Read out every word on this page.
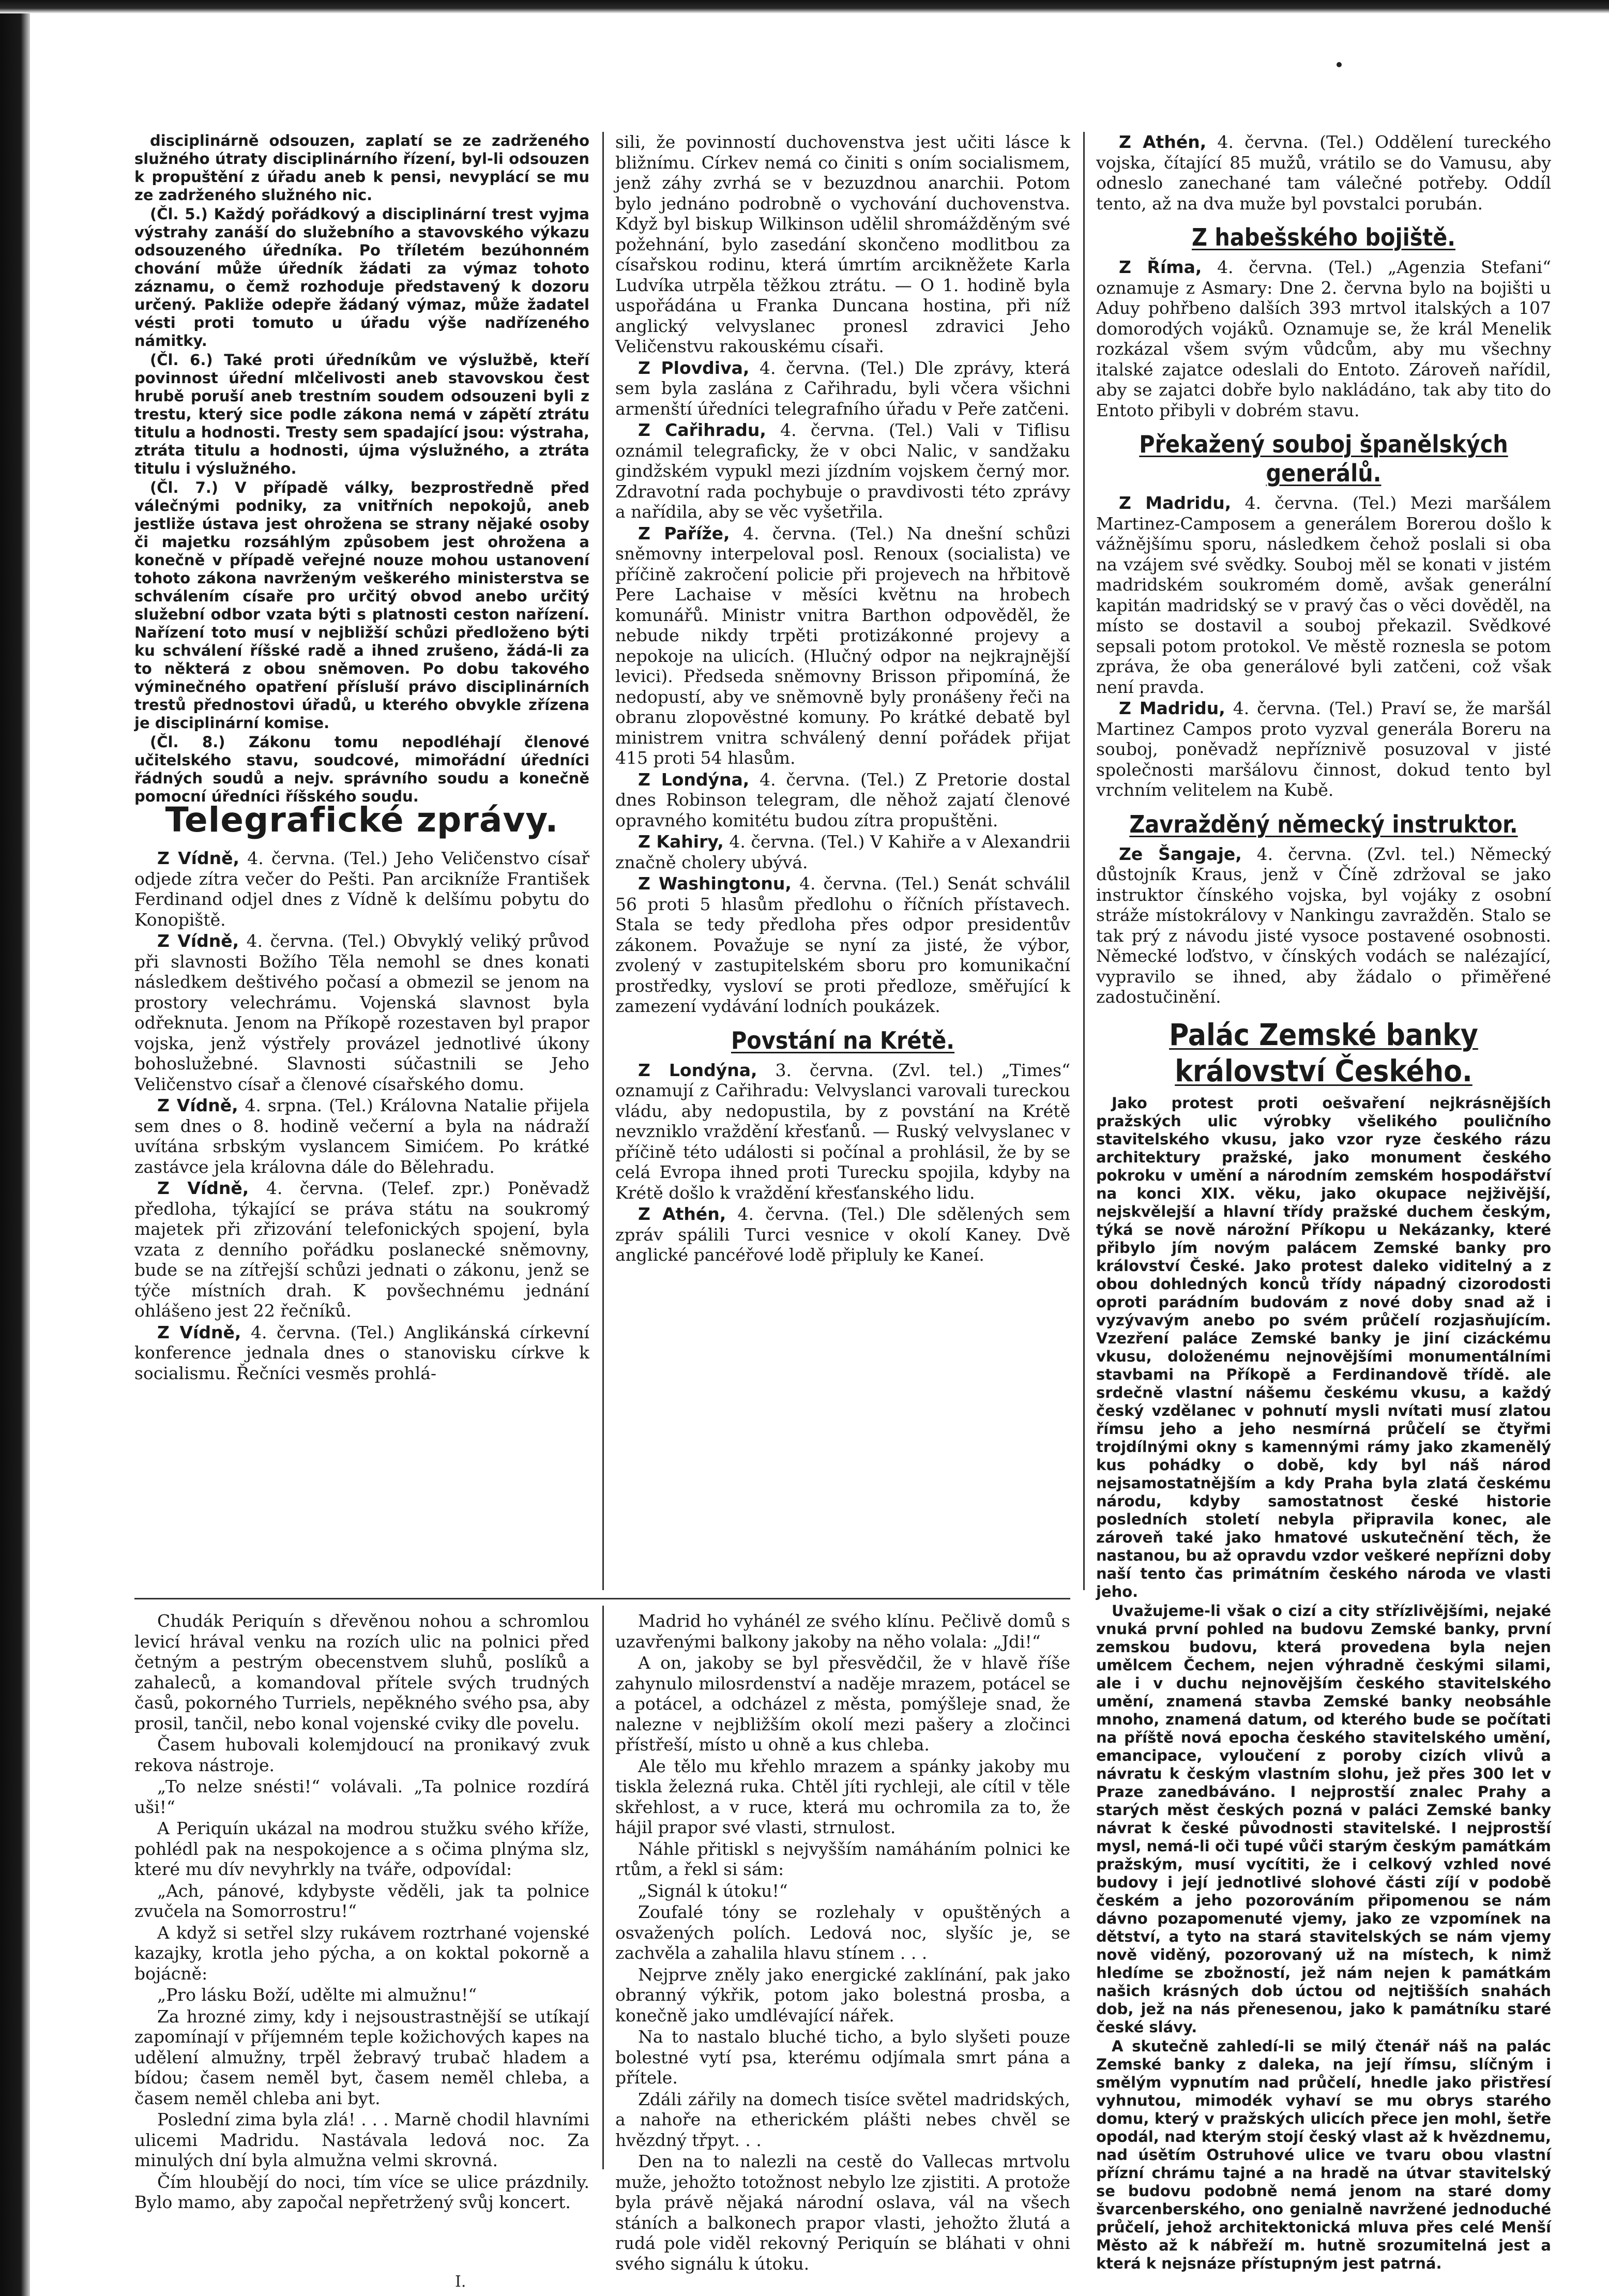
disciplinárně odsouzen, zaplatí se ze zadrženého služného útraty disciplinárního řízení, byl-li odsouzen k propuštění z úřadu aneb k pensi, nevyplácí se mu ze zadrženého služného nic.

(Čl. 5.) Každý pořádkový a disciplinární trest vyjma výstrahy zanáší do služebního a stavovského výkazu odsouzeného úředníka. Po tříletém bezúhonném chování může úředník žádati za výmaz tohoto záznamu, o čemž rozhoduje představený k dozoru určený. Pakliže odepře žádaný výmaz, může žadatel vésti proti tomuto u úřadu výše nadřízeného námitky.

(Čl. 6.) Také proti úředníkům ve výslužbě, kteří povinnost úřední mlčelivosti aneb stavovskou čest hrubě poruší aneb trestním soudem odsouzeni byli z trestu, který sice podle zákona nemá v zápětí ztrátu titulu a hodnosti. Tresty sem spadající jsou: výstraha, ztráta titulu a hodnosti, újma výslužného, a ztráta titulu i výslužného.

(Čl. 7.) V případě války, bezprostředně před válečnými podniky, za vnitřních nepokojů, aneb jestliže ústava jest ohrožena se strany nějaké osoby či majetku rozsáhlým způsobem jest ohrožena a konečně v případě veřejné nouze mohou ustanovení tohoto zákona navrženým veškerého ministerstva se schválením císaře pro určitý obvod anebo určitý služební odbor vzata býti s platnosti ceston nařízení. Nařízení toto musí v nejbližší schůzi předloženo býti ku schválení říšské radě a ihned zrušeno, žádá-li za to některá z obou sněmoven. Po dobu takového výminečného opatření přísluší právo disciplinárních trestů přednostovi úřadů, u kterého obvykle zřízena je disciplinární komise.

(Čl. 8.) Zákonu tomu nepodléhají členové učitelského stavu, soudcové, mimořádní úředníci řádných soudů a nejv. správního soudu a konečně pomocní úředníci říšského soudu.

Telegrafické zprávy.

Z Vídně, 4. června. (Tel.) Jeho Veličenstvo císař odjede zítra večer do Pešti. Pan arcikníže František Ferdinand odjel dnes z Vídně k delšímu pobytu do Konopiště.

Z Vídně, 4. června. (Tel.) Obvyklý veliký průvod při slavnosti Božího Těla nemohl se dnes konati následkem deštivého počasí a obmezil se jenom na prostory velechrámu. Vojenská slavnost byla odřeknuta. Jenom na Příkopě rozestaven byl prapor vojska, jenž výstřely provázel jednotlivé úkony bohoslužebné. Slavnosti súčastnili se Jeho Veličenstvo císař a členové císařského domu.

Z Vídně, 4. srpna. (Tel.) Královna Natalie přijela sem dnes o 8. hodině večerní a byla na nádraží uvítána srbským vyslancem Simićem. Po krátké zastávce jela královna dále do Bělehradu.

Z Vídně, 4. června. (Telef. zpr.) Poněvadž předloha, týkající se práva státu na soukromý majetek při zřizování telefonických spojení, byla vzata z denního pořádku poslanecké sněmovny, bude se na zítřejší schůzi jednati o zákonu, jenž se týče místních drah. K povšechnému jednání ohlášeno jest 22 řečníků.

Z Vídně, 4. června. (Tel.) Anglikánská církevní konference jednala dnes o stanovisku církve k socialismu. Řečníci vesměs prohlá-

sili, že povinností duchovenstva jest učiti lásce k bližnímu. Církev nemá co činiti s oním socialismem, jenž záhy zvrhá se v bezuzdnou anarchii. Potom bylo jednáno podrobně o vychování duchovenstva. Když byl biskup Wilkinson udělil shromážděným své požehnání, bylo zasedání skončeno modlitbou za císařskou rodinu, která úmrtím arcikněžete Karla Ludvíka utrpěla těžkou ztrátu. — O 1. hodině byla uspořádána u Franka Duncana hostina, při níž anglický velvyslanec pronesl zdravici Jeho Veličenstvu rakouskému císaři.

Z Plovdiva, 4. června. (Tel.) Dle zprávy, která sem byla zaslána z Cařihradu, byli včera všichni armenští úředníci telegrafního úřadu v Peře zatčeni.

Z Cařihradu, 4. června. (Tel.) Vali v Tiflisu oznámil telegraficky, že v obci Nalic, v sandžaku gindžském vypukl mezi jízdním vojskem černý mor. Zdravotní rada pochybuje o pravdivosti této zprávy a nařídila, aby se věc vyšetřila.

Z Paříže, 4. června. (Tel.) Na dnešní schůzi sněmovny interpeloval posl. Renoux (socialista) ve příčině zakročení policie při projevech na hřbitově Pere Lachaise v měsíci květnu na hrobech komunářů. Ministr vnitra Barthon odpověděl, že nebude nikdy trpěti protizákonné projevy a nepokoje na ulicích. (Hlučný odpor na nejkrajnější levici). Předseda sněmovny Brisson připomíná, že nedopustí, aby ve sněmovně byly pronášeny řeči na obranu zlopověstné komuny. Po krátké debatě byl ministrem vnitra schválený denní pořádek přijat 415 proti 54 hlasům.

Z Londýna, 4. června. (Tel.) Z Pretorie dostal dnes Robinson telegram, dle něhož zajatí členové opravného komitétu budou zítra propuštěni.

Z Kahiry, 4. června. (Tel.) V Kahiře a v Alexandrii značně cholery ubývá.

Z Washingtonu, 4. června. (Tel.) Senát schválil 56 proti 5 hlasům předlohu o říčních přístavech. Stala se tedy předloha přes odpor presidentův zákonem. Považuje se nyní za jisté, že výbor, zvolený v zastupitelském sboru pro komunikační prostředky, vysloví se proti předloze, směřující k zamezení vydávání lodních poukázek.

Povstání na Krétě.

Z Londýna, 3. června. (Zvl. tel.) „Times“ oznamují z Cařihradu: Velvyslanci varovali tureckou vládu, aby nedopustila, by z povstání na Krétě nevzniklo vraždění křesťanů. — Ruský velvyslanec v příčině této události si počínal a prohlásil, že by se celá Evropa ihned proti Turecku spojila, kdyby na Krétě došlo k vraždění křesťanského lidu.

Z Athén, 4. června. (Tel.) Dle sdělených sem zpráv spálili Turci vesnice v okolí Kaney. Dvě anglické pancéřové lodě připluly ke Kaneí.

Z Athén, 4. června. (Tel.) Oddělení tureckého vojska, čítající 85 mužů, vrátilo se do Vamusu, aby odneslo zanechané tam válečné potřeby. Oddíl tento, až na dva muže byl povstalci porubán.

Z habešského bojiště.

Z Říma, 4. června. (Tel.) „Agenzia Stefani“ oznamuje z Asmary: Dne 2. června bylo na bojišti u Aduy pohřbeno dalších 393 mrtvol italských a 107 domorodých vojáků. Oznamuje se, že král Menelik rozkázal všem svým vůdcům, aby mu všechny italské zajatce odeslali do Entoto. Zároveň nařídil, aby se zajatci dobře bylo nakládáno, tak aby tito do Entoto přibyli v dobrém stavu.

Překažený souboj španělských generálů.

Z Madridu, 4. června. (Tel.) Mezi maršálem Martinez-Camposem a generálem Borerou došlo k vážnějšímu sporu, následkem čehož poslali si oba na vzájem své svědky. Souboj měl se konati v jistém madridském soukromém domě, avšak generální kapitán madridský se v pravý čas o věci dověděl, na místo se dostavil a souboj překazil. Svědkové sepsali potom protokol. Ve městě roznesla se potom zpráva, že oba generálové byli zatčeni, což však není pravda.

Z Madridu, 4. června. (Tel.) Praví se, že maršál Martinez Campos proto vyzval generála Boreru na souboj, poněvadž nepříznivě posuzoval v jisté společnosti maršálovu činnost, dokud tento byl vrchním velitelem na Kubě.

Zavražděný německý instruktor.

Ze Šangaje, 4. června. (Zvl. tel.) Německý důstojník Kraus, jenž v Číně zdržoval se jako instruktor čínského vojska, byl vojáky z osobní stráže místokrálovy v Nankingu zavražděn. Stalo se tak prý z návodu jisté vysoce postavené osobnosti. Německé loďstvo, v čínských vodách se nalézající, vypravilo se ihned, aby žádalo o přiměřené zadostučinění.

Palác Zemské banky království Českého.

Jako protest proti oešvaření nejkrásnějších pražských ulic výrobky všelikého pouličního stavitelského vkusu, jako vzor ryze českého rázu architektury pražské, jako monument českého pokroku v umění a národním zemském hospodářství na konci XIX. věku, jako okupace nejživější, nejskvělejší a hlavní třídy pražské duchem českým, týká se nově nárožní Příkopu u Nekázanky, které přibylo jím novým palácem Zemské banky pro království České. Jako protest daleko viditelný a z obou dohledných konců třídy nápadný cizorodosti oproti parádním budovám z nové doby snad až i vyzývavým anebo po svém průčelí rozjasňujícím. Vzezření paláce Zemské banky je jiní cizáckému vkusu, doloženému nejnovějšími monumentálními stavbami na Příkopě a Ferdinandově třídě. ale srdečně vlastní nášemu českému vkusu, a každý český vzdělanec v pohnutí mysli nvítati musí zlatou římsu jeho a jeho nesmírná průčelí se čtyřmi trojdílnými okny s kamennými rámy jako zkamenělý kus pohádky o době, kdy byl náš národ nejsamostatnějším a kdy Praha byla zlatá českému národu, kdyby samostatnost české historie posledních století nebyla připravila konec, ale zároveň také jako hmatové uskutečnění těch, že nastanou, bu až opravdu vzdor veškeré nepřízni doby naší tento čas primátním českého národa ve vlasti jeho.

Uvažujeme-li však o cizí a city střízlivějšími, nejaké vnuká první pohled na budovu Zemské banky, první zemskou budovu, která provedena byla nejen umělcem Čechem, nejen výhradně českými silami, ale i v duchu nejnovějším českého stavitelského umění, znamená stavba Zemské banky neobsáhle mnoho, znamená datum, od kterého bude se počítati na příště nová epocha českého stavitelského umění, emancipace, vyloučení z poroby cizích vlivů a návratu k českým vlastním slohu, jež přes 300 let v Praze zanedbáváno. I nejprostší znalec Prahy a starých měst českých pozná v paláci Zemské banky návrat k české původnosti stavitelské. I nejprostší mysl, nemá-li oči tupé vůči starým českým památkám pražským, musí vycítiti, že i celkový vzhled nové budovy i její jednotlivé slohové části zíjí v podobě českém a jeho pozorováním připomenou se nám dávno pozapomenuté vjemy, jako ze vzpomínek na dětství, a tyto na stará stavitelských se nám vjemy nově viděný, pozorovaný už na místech, k nimž hledíme se zbožností, jež nám nejen k památkám našich krásných dob úctou od nejtišších snahách dob, jež na nás přenesenou, jako k památníku staré české slávy.

A skutečně zahledí-li se milý čtenář náš na palác Zemské banky z daleka, na její římsu, slíčným i smělým vypnutím nad průčelí, hnedle jako přistřesí vyhnutou, mimodék vyhaví se mu obrys starého domu, který v pražských ulicích přece jen mohl, šetře opodál, nad kterým stojí český vlast až k hvězdnemu, nad úsětím Ostruhové ulice ve tvaru obou vlastní přízní chrámu tajné a na hradě na útvar stavitelský se budovu podobně nemá jenom na staré domy švarcenberského, ono genialně navržené jednoduché průčelí, jehož architektonická mluva přes celé Menší Město až k nábřeží m. hutně srozumitelná jest a která k nejsnáze přístupným jest patrná.

Chudák Periquín s dřevěnou nohou a schromlou levicí hrával venku na rozích ulic na polnici před četným a pestrým obecenstvem sluhů, poslíků a zahaleců, a komandoval přítele svých trudných časů, pokorného Turriels, nepěkného svého psa, aby prosil, tančil, nebo konal vojenské cviky dle povelu.

Časem hubovali kolemjdoucí na pronikavý zvuk rekova nástroje.

„To nelze snésti!“ volávali. „Ta polnice rozdírá uši!“

A Periquín ukázal na modrou stužku svého kříže, pohlédl pak na nespokojence a s očima plnýma slz, které mu dív nevyhrkly na tváře, odpovídal:

„Ach, pánové, kdybyste věděli, jak ta polnice zvučela na Somorrostru!“

A když si setřel slzy rukávem roztrhané vojenské kazajky, krotla jeho pýcha, a on koktal pokorně a bojácně:

„Pro lásku Boží, udělte mi almužnu!“

Za hrozné zimy, kdy i nejsoustrastnější se utíkají zapomínají v příjemném teple kožichových kapes na udělení almužny, trpěl žebravý trubač hladem a bídou; časem neměl byt, časem neměl chleba, a časem neměl chleba ani byt.

Poslední zima byla zlá! . . . Marně chodil hlavními ulicemi Madridu. Nastávala ledová noc. Za minulých dní byla almužna velmi skrovná.

Čím hloubějí do noci, tím více se ulice prázdnily. Bylo mamo, aby započal nepřetržený svůj koncert.

Madrid ho vyhánél ze svého klínu. Pečlivě domů s uzavřenými balkony jakoby na něho volala: „Jdi!“

A on, jakoby se byl přesvědčil, že v hlavě říše zahynulo milosrdenství a naděje mrazem, potácel se a potácel, a odcházel z města, pomýšleje snad, že nalezne v nejbližším okolí mezi pašery a zločinci přístřeší, místo u ohně a kus chleba.

Ale tělo mu křehlo mrazem a spánky jakoby mu tiskla železná ruka. Chtěl jíti rychleji, ale cítil v těle skřehlost, a v ruce, která mu ochromila za to, že hájil prapor své vlasti, strnulost.

Náhle přitiskl s nejvyšším namáháním polnici ke rtům, a řekl si sám:

„Signál k útoku!“

Zoufalé tóny se rozlehaly v opuštěných a osvažených polích. Ledová noc, slyšíc je, se zachvěla a zahalila hlavu stínem . . .

Nejprve zněly jako energické zaklínání, pak jako obranný výkřik, potom jako bolestná prosba, a konečně jako umdlévající nářek.

Na to nastalo bluché ticho, a bylo slyšeti pouze bolestné vytí psa, kterému odjímala smrt pána a přítele.

Zdáli zářily na domech tisíce světel madridských, a nahoře na etherickém plášti nebes chvěl se hvězdný třpyt. . .

Den na to nalezli na cestě do Vallecas mrtvolu muže, jehožto totožnost nebylo lze zjistiti. A protože byla právě nějaká národní oslava, vál na všech stáních a balkonech prapor vlasti, jehožto žlutá a rudá pole viděl rekovný Periquín se bláhati v ohni svého signálu k útoku.

I.
